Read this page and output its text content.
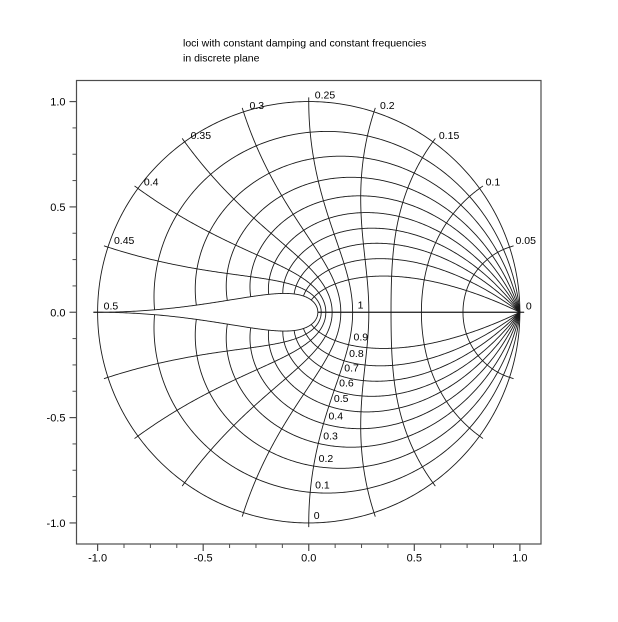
loci with constant damping and constant frequencies
in discrete plane
-1.0	-0.5	0.0	0.5	1.0
1.0
0.5
0.0
-0.5
-1.0
1
0.9
0.8
0.7
0.6
0.5
0.4
0.3
0.2
0.1
0
0
0.05
0.1
0.15
0.2
0.25
0.3
0.35
0.4
0.45
0.5
